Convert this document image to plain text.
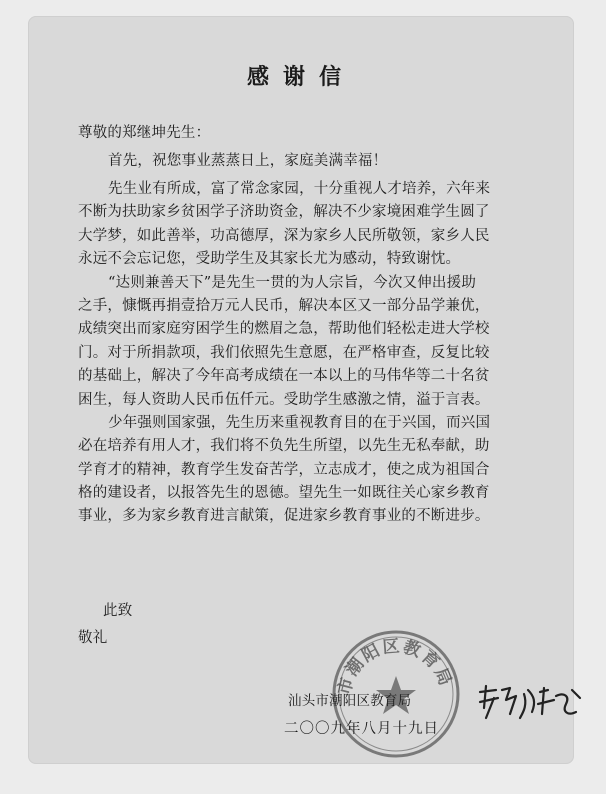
感谢信
尊敬的郑继坤先生：
首先，祝您事业蒸蒸日上，家庭美满幸福！
先生业有所成，富了常念家园，十分重视人才培养，六年来
不断为扶助家乡贫困学子济助资金，解决不少家境困难学生圆了
大学梦，如此善举，功高德厚，深为家乡人民所敬领，家乡人民
永远不会忘记您，受助学生及其家长尤为感动，特致谢忱。
“达则兼善天下”是先生一贯的为人宗旨，今次又伸出援助
之手，慷慨再捐壹拾万元人民币，解决本区又一部分品学兼优，
成绩突出而家庭穷困学生的燃眉之急，帮助他们轻松走进大学校
门。对于所捐款项，我们依照先生意愿，在严格审查，反复比较
的基础上，解决了今年高考成绩在一本以上的马伟华等二十名贫
困生，每人资助人民币伍仟元。受助学生感激之情，溢于言表。
少年强则国家强，先生历来重视教育目的在于兴国，而兴国
必在培养有用人才，我们将不负先生所望，以先生无私奉献，助
学育才的精神，教育学生发奋苦学，立志成才，使之成为祖国合
格的建设者，以报答先生的恩德。望先生一如既往关心家乡教育
事业，多为家乡教育进言献策，促进家乡教育事业的不断进步。
此致
敬礼
市潮阳区教育局
汕头市潮阳区教育局
二〇〇九年八月十九日
